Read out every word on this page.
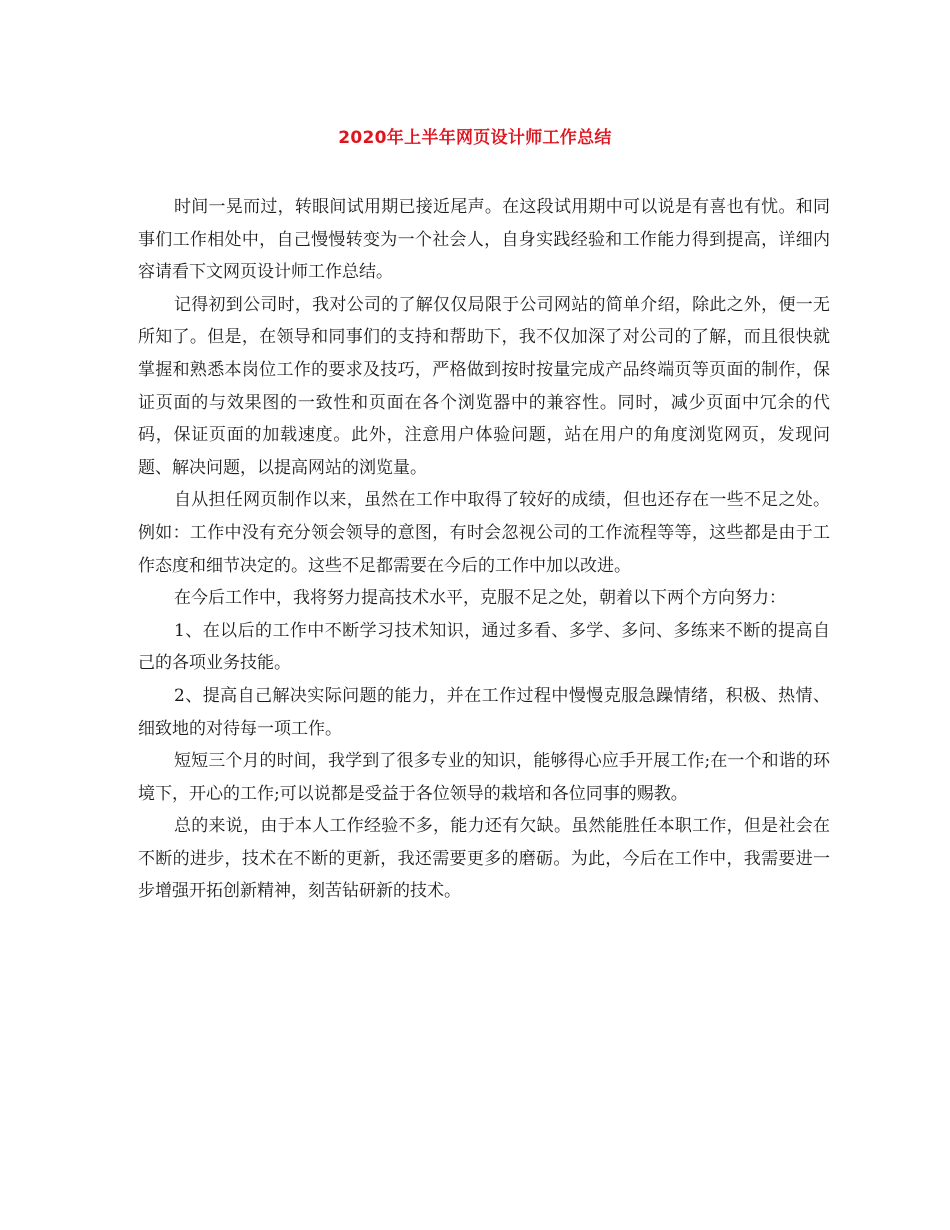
2020年上半年网页设计师工作总结

时间一晃而过，转眼间试用期已接近尾声。在这段试用期中可以说是有喜也有忧。和同事们工作相处中，自己慢慢转变为一个社会人，自身实践经验和工作能力得到提高，详细内容请看下文网页设计师工作总结。

记得初到公司时，我对公司的了解仅仅局限于公司网站的简单介绍，除此之外，便一无所知了。但是，在领导和同事们的支持和帮助下，我不仅加深了对公司的了解，而且很快就掌握和熟悉本岗位工作的要求及技巧，严格做到按时按量完成产品终端页等页面的制作，保证页面的与效果图的一致性和页面在各个浏览器中的兼容性。同时，减少页面中冗余的代码，保证页面的加载速度。此外，注意用户体验问题，站在用户的角度浏览网页，发现问题、解决问题，以提高网站的浏览量。

自从担任网页制作以来，虽然在工作中取得了较好的成绩，但也还存在一些不足之处。例如：工作中没有充分领会领导的意图，有时会忽视公司的工作流程等等，这些都是由于工作态度和细节决定的。这些不足都需要在今后的工作中加以改进。

在今后工作中，我将努力提高技术水平，克服不足之处，朝着以下两个方向努力：

1、在以后的工作中不断学习技术知识，通过多看、多学、多问、多练来不断的提高自己的各项业务技能。

2、提高自己解决实际问题的能力，并在工作过程中慢慢克服急躁情绪，积极、热情、细致地的对待每一项工作。

短短三个月的时间，我学到了很多专业的知识，能够得心应手开展工作;在一个和谐的环境下，开心的工作;可以说都是受益于各位领导的栽培和各位同事的赐教。

总的来说，由于本人工作经验不多，能力还有欠缺。虽然能胜任本职工作，但是社会在不断的进步，技术在不断的更新，我还需要更多的磨砺。为此，今后在工作中，我需要进一步增强开拓创新精神，刻苦钻研新的技术。
